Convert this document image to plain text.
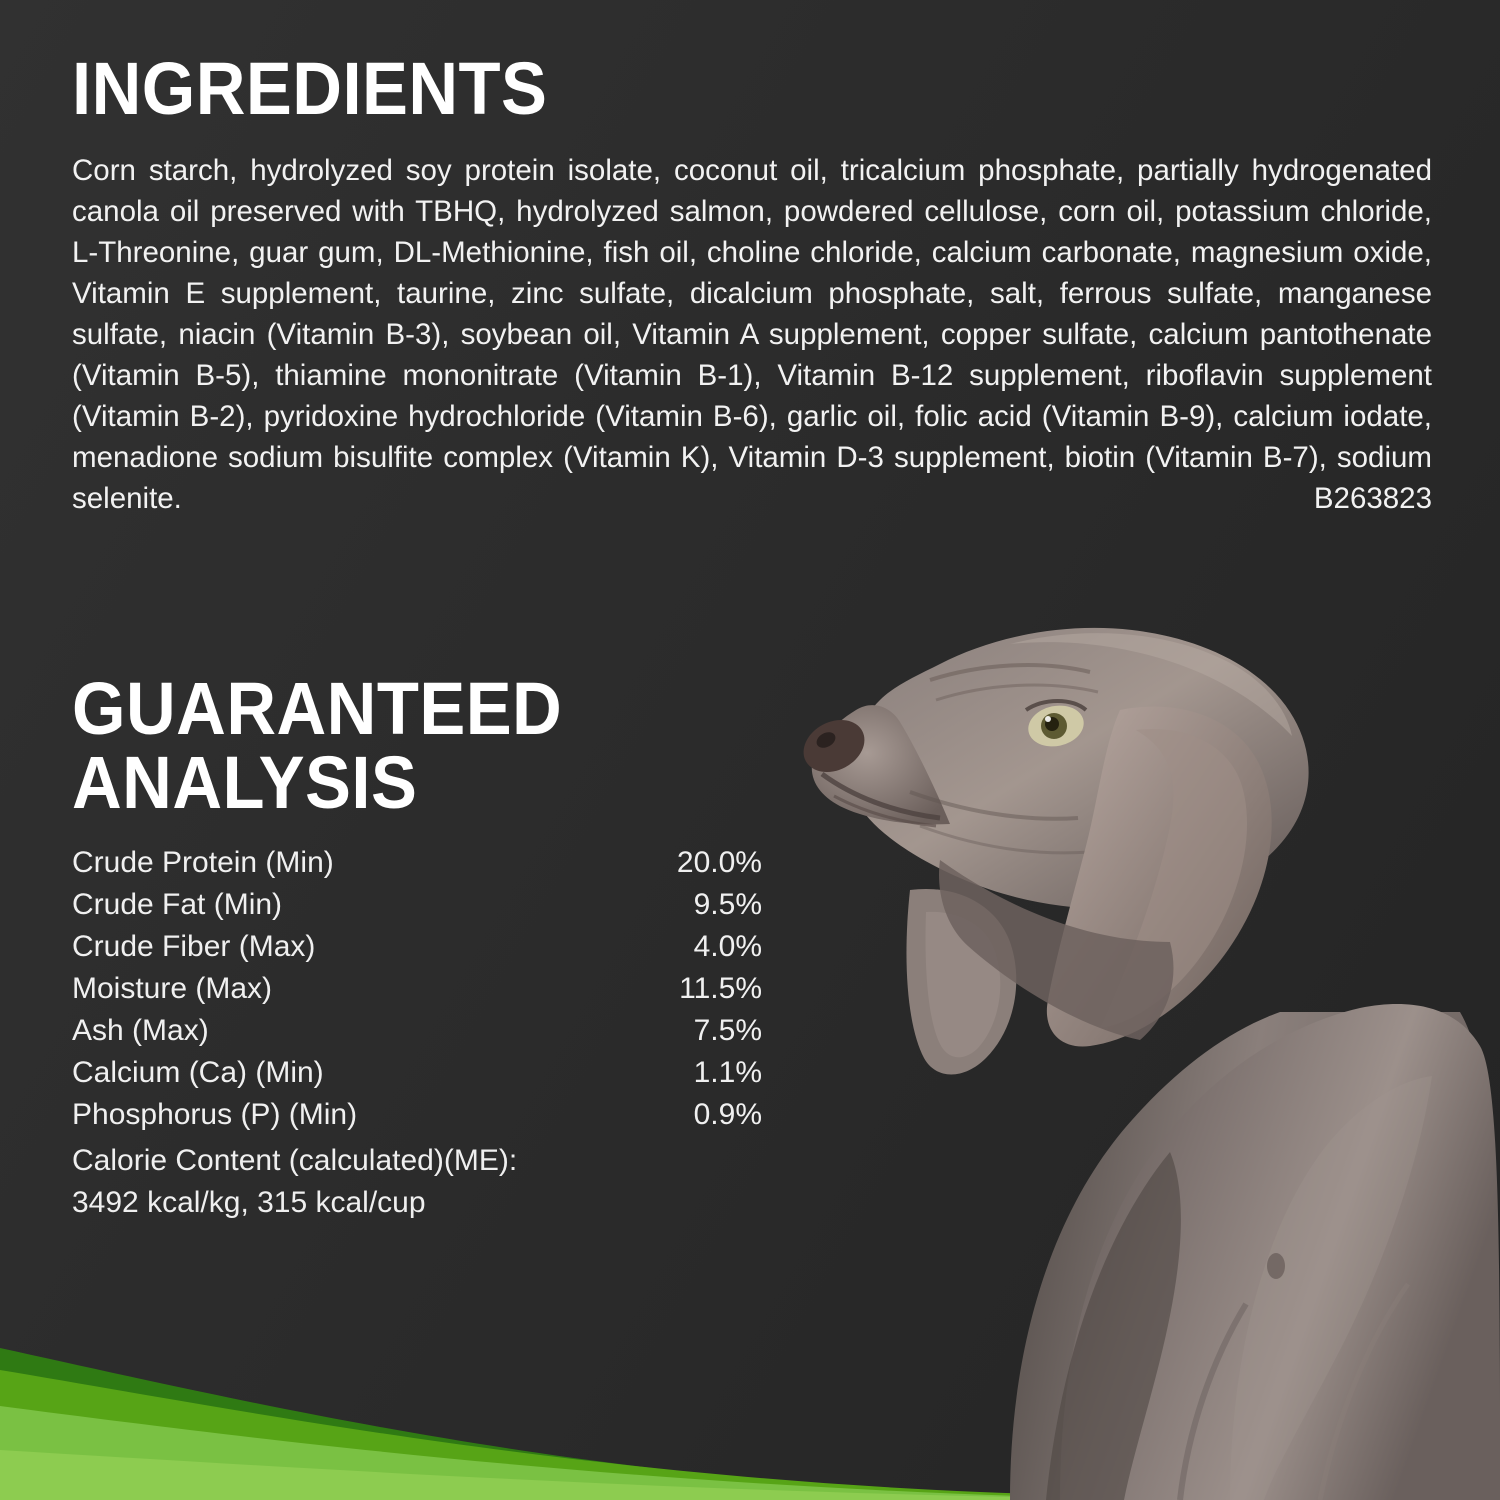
INGREDIENTS
Corn starch, hydrolyzed soy protein isolate, coconut oil, tricalcium phosphate, partially hydrogenated canola oil preserved with TBHQ, hydrolyzed salmon, powdered cellulose, corn oil, potassium chloride, L-Threonine, guar gum, DL-Methionine, fish oil, choline chloride, calcium carbonate, magnesium oxide, Vitamin E supplement, taurine, zinc sulfate, dicalcium phosphate, salt, ferrous sulfate, manganese sulfate, niacin (Vitamin B-3), soybean oil, Vitamin A supplement, copper sulfate, calcium pantothenate (Vitamin B-5), thiamine mononitrate (Vitamin B-1), Vitamin B-12 supplement, riboflavin supplement (Vitamin B-2), pyridoxine hydrochloride (Vitamin B-6), garlic oil, folic acid (Vitamin B-9), calcium iodate, menadione sodium bisulfite complex (Vitamin K), Vitamin D-3 supplement, biotin (Vitamin B-7), sodium selenite.	B263823
GUARANTEED ANALYSIS
Crude Protein (Min)	20.0%
Crude Fat (Min)	9.5%
Crude Fiber (Max)	4.0%
Moisture (Max)	11.5%
Ash (Max)	7.5%
Calcium (Ca) (Min)	1.1%
Phosphorus (P) (Min)	0.9%
Calorie Content (calculated)(ME):
3492 kcal/kg, 315 kcal/cup
